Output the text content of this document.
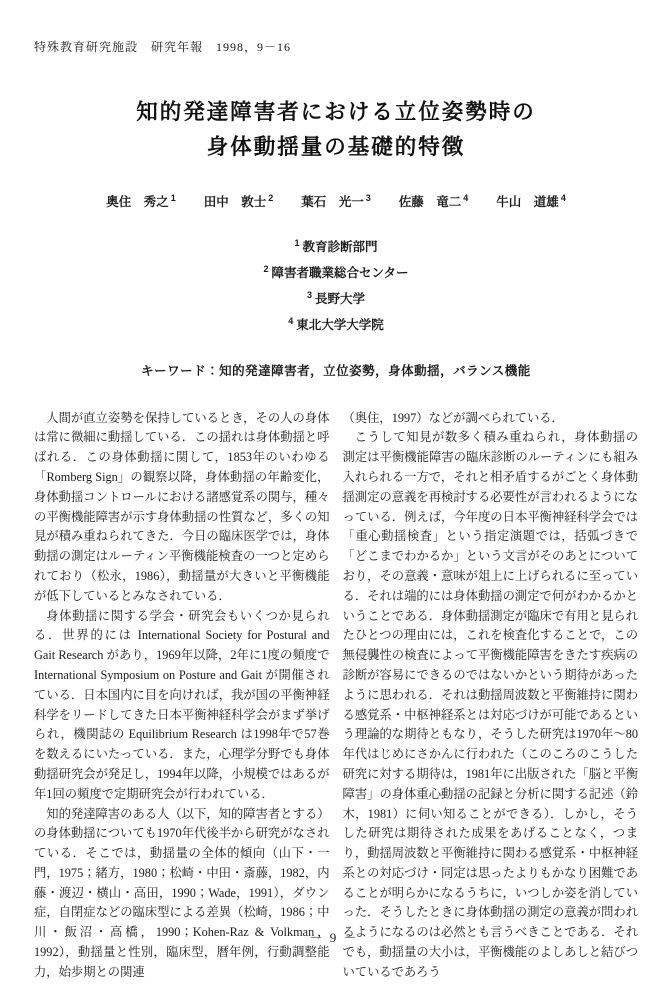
特殊教育研究施設　研究年報　1998，9－16
知的発達障害者における立位姿勢時の
身体動揺量の基礎的特徴
奥住　秀之 $^1$ 田中　敦士 $^2$ 葉石　光一 $^3$ 佐藤　竜二 $^4$ 牛山　道雄 $^4$
$^1$ 教育診断部門
$^2$ 障害者職業総合センター
$^3$ 長野大学
$^4$ 東北大学大学院
キーワード：知的発達障害者，立位姿勢，身体動揺，バランス機能

人間が直立姿勢を保持しているとき，その人の身体は常に微細に動揺している．この揺れは身体動揺と呼ばれる．この身体動揺に関して，1853年のいわゆる「Romberg Sign」の観察以降，身体動揺の年齢変化，身体動揺コントロールにおける諸感覚系の関与，種々の平衡機能障害が示す身体動揺の性質など，多くの知見が積み重ねられてきた．今日の臨床医学では，身体動揺の測定はルーティン平衡機能検査の一つと定められており（松永，1986），動揺量が大きいと平衡機能が低下しているとみなされている．

身体動揺に関する学会・研究会もいくつか見られる．世界的には International Society for Postural and Gait Research があり，1969年以降，2年に1度の頻度で International Symposium on Posture and Gait が開催されている．日本国内に目を向ければ，我が国の平衡神経科学をリードしてきた日本平衡神経科学会がまず挙げられ，機関誌の Equilibrium Research は1998年で57巻を数えるにいたっている．また，心理学分野でも身体動揺研究会が発足し，1994年以降，小規模ではあるが年1回の頻度で定期研究会が行われている．

知的発達障害のある人（以下，知的障害者とする）の身体動揺についても1970年代後半から研究がなされている．そこでは，動揺量の全体的傾向（山下・一門，1975；緒方，1980；松崎・中田・斎藤，1982，内藤・渡辺・横山・高田，1990；Wade，1991），ダウン症，自閉症などの臨床型による差異（松崎，1986；中川・飯沼・高橋，1990；Kohen-Raz & Volkman，1992），動揺量と性別，臨床型，暦年例，行動調整能力，始歩期との関連

（奥住，1997）などが調べられている．

こうして知見が数多く積み重ねられ，身体動揺の測定は平衡機能障害の臨床診断のルーティンにも組み入れられる一方で，それと相矛盾するがごとく身体動揺測定の意義を再検討する必要性が言われるようになっている．例えば，今年度の日本平衡神経科学会では「重心動揺検査」という指定演題では，括弧づきで「どこまでわかるか」という文言がそのあとについており，その意義・意味が俎上に上げられるに至っている．それは端的には身体動揺の測定で何がわかるかということである．身体動揺測定が臨床で有用と見られたひとつの理由には，これを検査化することで，この無侵襲性の検査によって平衡機能障害をきたす疾病の診断が容易にできるのではないかという期待があったように思われる．それは動揺周波数と平衡維持に関わる感覚系・中枢神経系とは対応づけが可能であるという理論的な期待ともなり，そうした研究は1970年～80年代はじめにさかんに行われた（このころのこうした研究に対する期待は，1981年に出版された「脳と平衡障害」の身体重心動揺の記録と分析に関する記述（鈴木，1981）に伺い知ることができる）．しかし，そうした研究は期待された成果をあげることなく，つまり，動揺周波数と平衡維持に関わる感覚系・中枢神経系との対応づけ・同定は思ったよりもかなり困難であることが明らかになるうちに，いつしか姿を消していった．そうしたときに身体動揺の測定の意義が問われるようになるのは必然とも言うべきことである．それでも，動揺量の大小は，平衡機能のよしあしと結びついているであろう

－ 9 －
